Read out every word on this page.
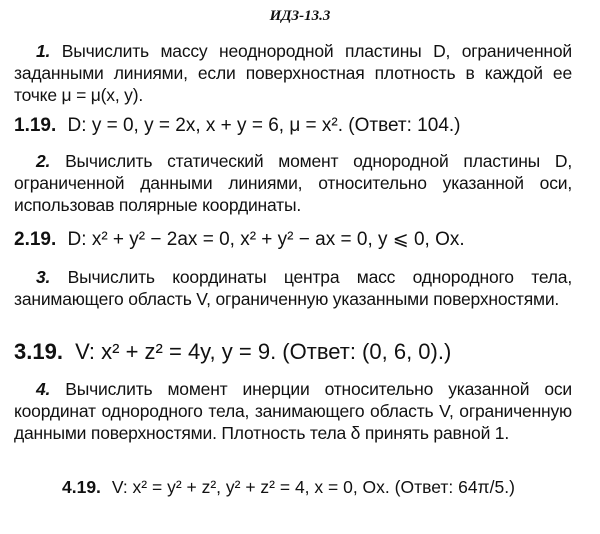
ИДЗ-13.3
1. Вычислить массу неоднородной пластины D, ограниченной заданными линиями, если поверхностная плотность в каждой ее точке μ = μ(x, y).
1.19. D: y = 0, y = 2x, x + y = 6, μ = x². (Ответ: 104.)
2. Вычислить статический момент однородной пластины D, ограниченной данными линиями, относительно указанной оси, использовав полярные координаты.
2.19. D: x² + y² − 2ax = 0, x² + y² − ax = 0, y ⩽ 0, Ox.
3. Вычислить координаты центра масс однородного тела, занимающего область V, ограниченную указанными поверхностями.
3.19. V: x² + z² = 4y, y = 9. (Ответ: (0, 6, 0).)
4. Вычислить момент инерции относительно указанной оси координат однородного тела, занимающего область V, ограниченную данными поверхностями. Плотность тела δ принять равной 1.
4.19. V: x² = y² + z², y² + z² = 4, x = 0, Ox. (Ответ: 64π/5.)
